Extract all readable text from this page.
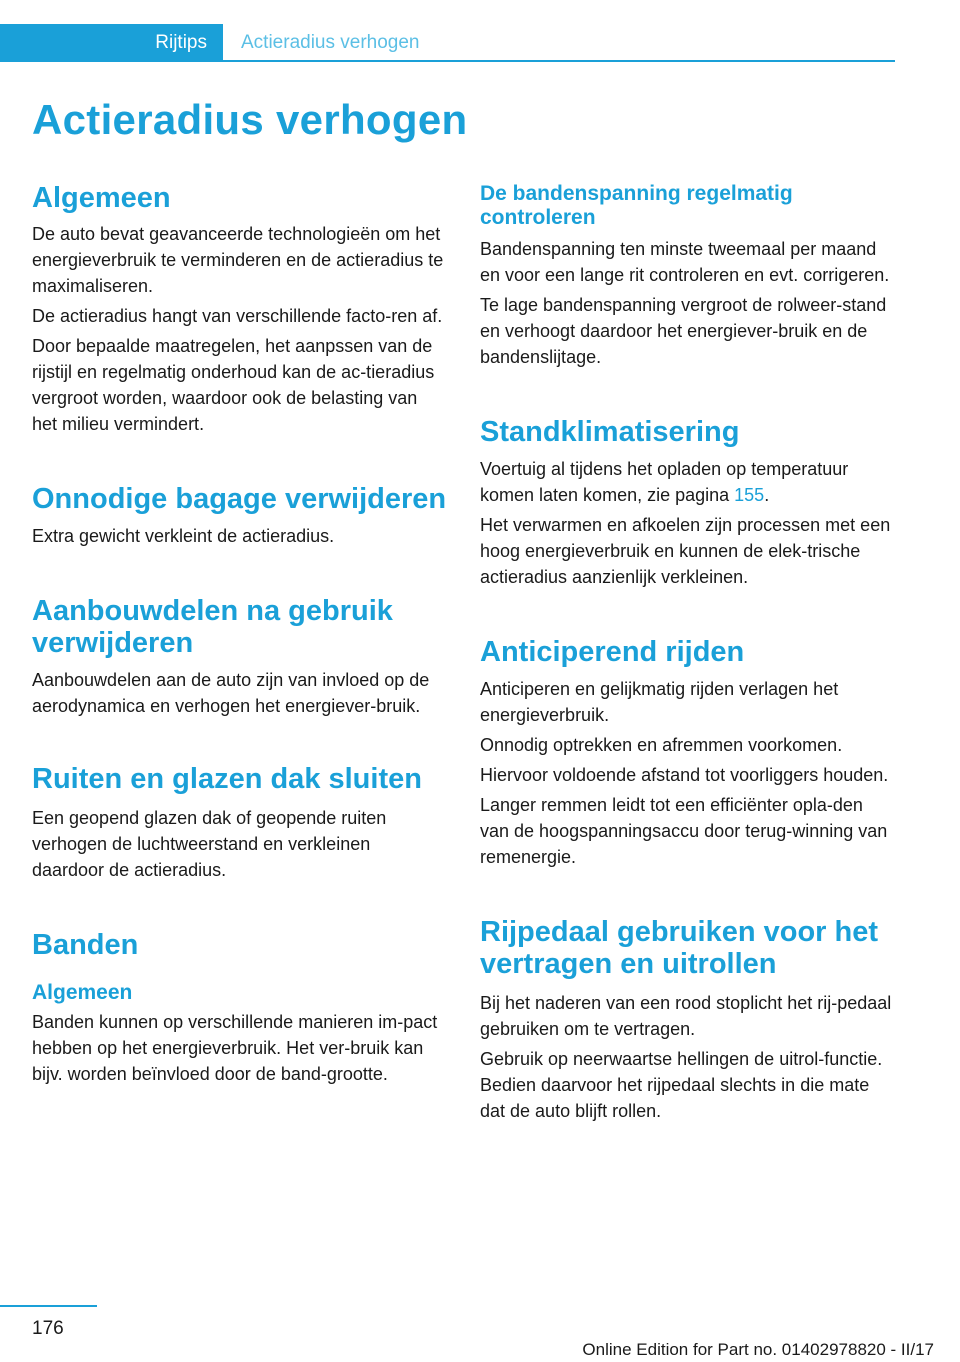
Rijtips	Actieradius verhogen
Actieradius verhogen
Algemeen

De auto bevat geavanceerde technologieën om het energieverbruik te verminderen en de actieradius te maximaliseren.

De actieradius hangt van verschillende facto-ren af.

Door bepaalde maatregelen, het aanpssen van de rijstijl en regelmatig onderhoud kan de ac-tieradius vergroot worden, waardoor ook de belasting van het milieu vermindert.

Onnodige bagage verwijderen

Extra gewicht verkleint de actieradius.

Aanbouwdelen na gebruik verwijderen

Aanbouwdelen aan de auto zijn van invloed op de aerodynamica en verhogen het energiever-bruik.

Ruiten en glazen dak sluiten

Een geopend glazen dak of geopende ruiten verhogen de luchtweerstand en verkleinen daardoor de actieradius.

Banden
Algemeen

Banden kunnen op verschillende manieren im-pact hebben op het energieverbruik. Het ver-bruik kan bijv. worden beïnvloed door de band-grootte.

De bandenspanning regelmatig controleren

Bandenspanning ten minste tweemaal per maand en voor een lange rit controleren en evt. corrigeren.

Te lage bandenspanning vergroot de rolweer-stand en verhoogt daardoor het energiever-bruik en de bandenslijtage.

Standklimatisering

Voertuig al tijdens het opladen op temperatuur komen laten komen, zie pagina 155.

Het verwarmen en afkoelen zijn processen met een hoog energieverbruik en kunnen de elek-trische actieradius aanzienlijk verkleinen.

Anticiperend rijden

Anticiperen en gelijkmatig rijden verlagen het energieverbruik.

Onnodig optrekken en afremmen voorkomen.

Hiervoor voldoende afstand tot voorliggers houden.

Langer remmen leidt tot een efficiënter opla-den van de hoogspanningsaccu door terug-winning van remenergie.

Rijpedaal gebruiken voor het vertragen en uitrollen

Bij het naderen van een rood stoplicht het rij-pedaal gebruiken om te vertragen.

Gebruik op neerwaartse hellingen de uitrol-functie. Bedien daarvoor het rijpedaal slechts in die mate dat de auto blijft rollen.

176
Online Edition for Part no. 01402978820 - II/17
